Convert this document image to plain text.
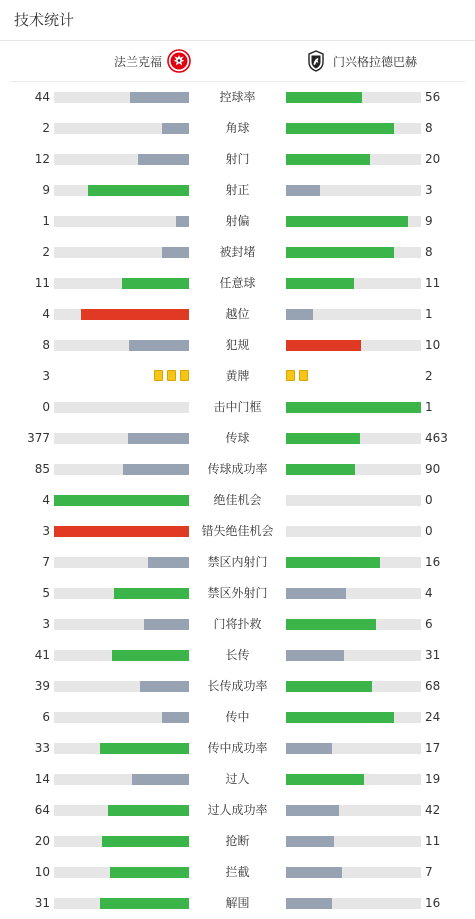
技术统计
法兰克福	门兴格拉德巴赫
44	控球率	56
2	角球	8
12	射门	20
9	射正	3
1	射偏	9
2	被封堵	8
11	任意球	11
4	越位	1
8	犯规	10
3	黄牌	2
0	击中门框	1
377	传球	463
85	传球成功率	90
4	绝佳机会	0
3	错失绝佳机会	0
7	禁区内射门	16
5	禁区外射门	4
3	门将扑救	6
41	长传	31
39	长传成功率	68
6	传中	24
33	传中成功率	17
14	过人	19
64	过人成功率	42
20	抢断	11
10	拦截	7
31	解围	16
